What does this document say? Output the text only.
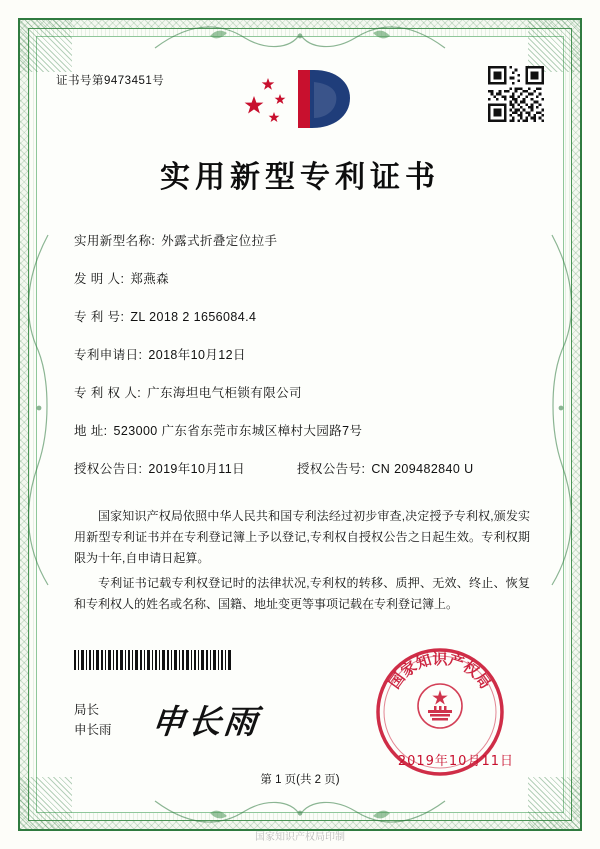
证书号第9473451号
实用新型专利证书
实用新型名称: 外露式折叠定位拉手
发 明 人: 郑燕森
专 利 号: ZL 2018 2 1656084.4
专利申请日: 2018年10月12日
专 利 权 人: 广东海坦电气柜锁有限公司
地 址: 523000 广东省东莞市东城区樟村大园路7号
授权公告日: 2019年10月11日	授权公告号: CN 209482840 U

国家知识产权局依照中华人民共和国专利法经过初步审查,决定授予专利权,颁发实用新型专利证书并在专利登记簿上予以登记,专利权自授权公告之日起生效。专利权期限为十年,自申请日起算。

专利证书记载专利权登记时的法律状况,专利权的转移、质押、无效、终止、恢复和专利权人的姓名或名称、国籍、地址变更等事项记载在专利登记簿上。

局长
申长雨 申长雨
国家知识产权局
2019年10月11日
第 1 页(共 2 页)
国家知识产权局印制
